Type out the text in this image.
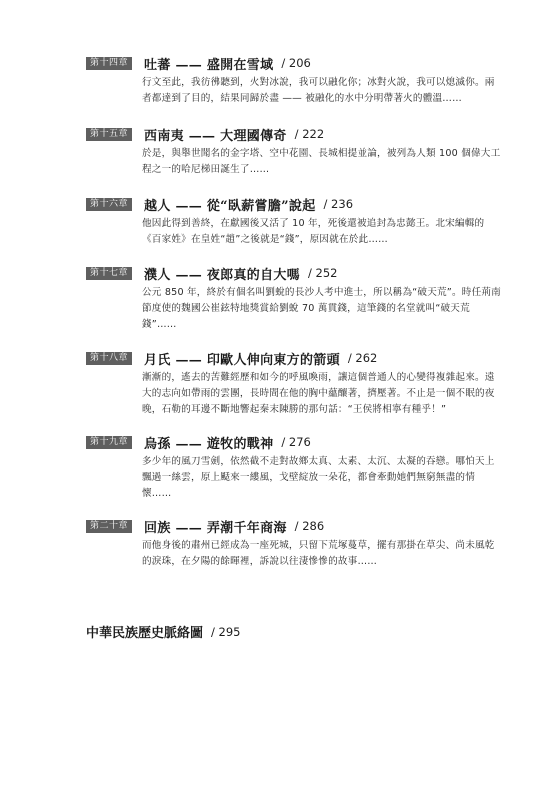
第十四章	吐蕃 —— 盛開在雪域 / 206
行文至此，我彷彿聽到，火對冰說，我可以融化你；冰對火說，我可以熄滅你。兩者都達到了目的，結果同歸於盡 —— 被融化的水中分明帶著火的體溫……
第十五章	西南夷 —— 大理國傳奇 / 222
於是，與舉世聞名的金字塔、空中花園、長城相提並論，被列為人類 100 個偉大工程之一的哈尼梯田誕生了……
第十六章	越人 —— 從“臥薪嘗膽”說起 / 236
他因此得到善終，在獻國後又活了 10 年，死後還被追封為忠懿王。北宋編輯的《百家姓》在皇姓“趙”之後就是“錢”，原因就在於此……
第十七章	濮人 —— 夜郎真的自大嗎 / 252
公元 850 年，終於有個名叫劉蛻的長沙人考中進士，所以稱為“破天荒”。時任荊南節度使的魏國公崔鉉特地獎賞給劉蛻 70 萬貫錢，這筆錢的名堂就叫“破天荒錢”……
第十八章	月氏 —— 印歐人伸向東方的箭頭 / 262
漸漸的，遙去的苦難經歷和如今的呼風喚雨，讓這個普通人的心變得複雜起來。遠大的志向如帶雨的雲團，長時間在他的胸中蘊釀著，擠壓著。不止是一個不眠的夜晚，石勒的耳邊不斷地響起秦末陳勝的那句話：“王侯將相寧有種乎！”
第十九章	烏孫 —— 遊牧的戰神 / 276
多少年的風刀雪劍，依然截不走對故鄉太真、太素、太沉、太凝的吞戀。哪怕天上飄過一絲雲，原上颳來一縷風，戈壁綻放一朵花，都會牽動她們無窮無盡的情懷……
第二十章	回族 —— 弄潮千年商海 / 286
而他身後的肅州已經成為一座死城，只留下荒塚蔓草，擺有那掛在草尖、尚未風乾的淚珠，在夕陽的餘暉裡，訴說以往淒慘慘的故事……
中華民族歷史脈絡圖 / 295
